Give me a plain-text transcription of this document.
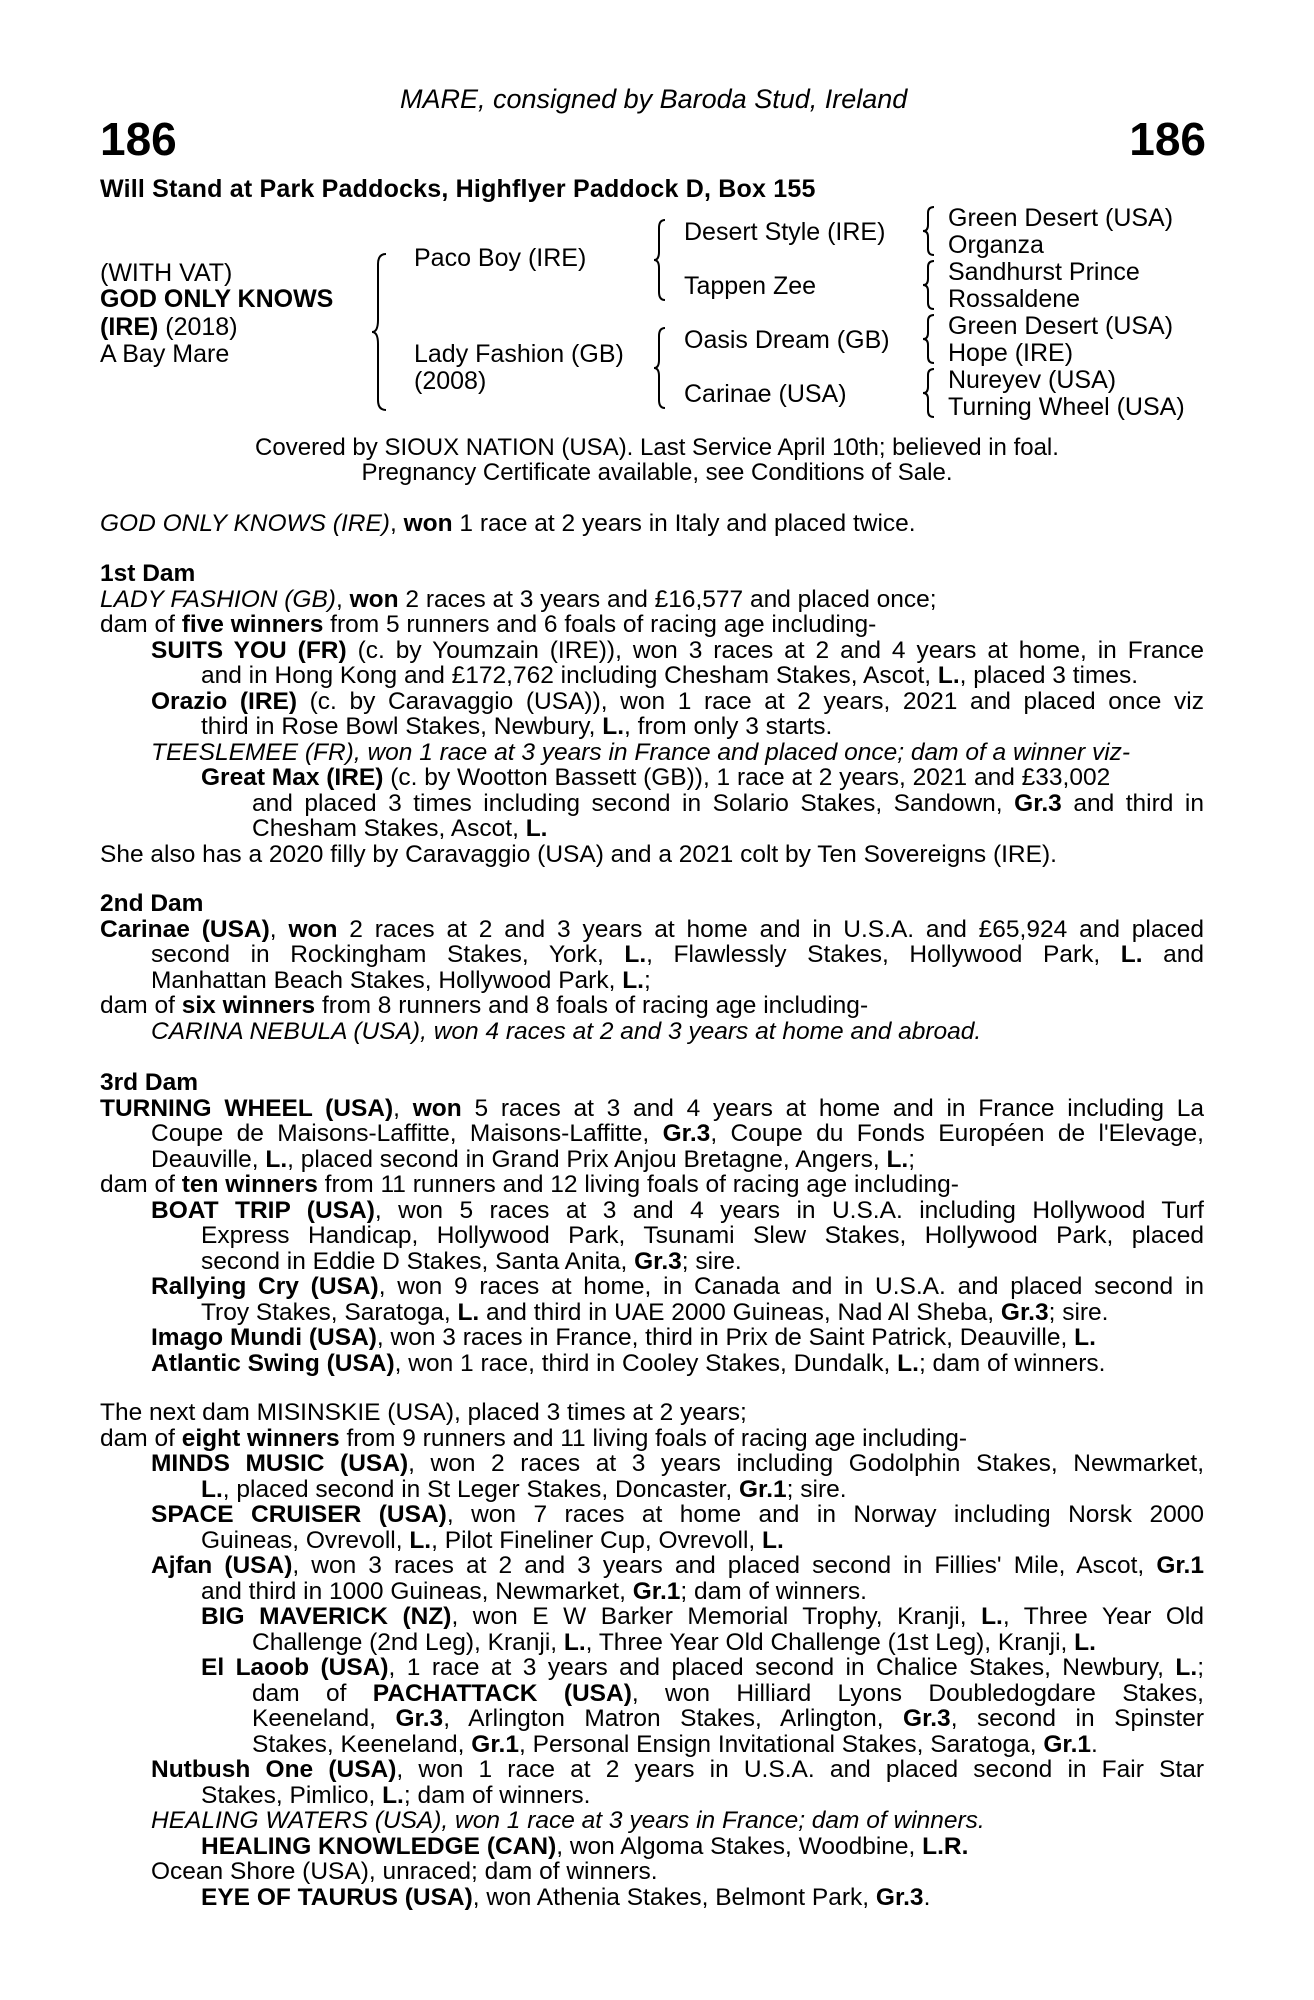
MARE, consigned by Baroda Stud, Ireland
186	186
Will Stand at Park Paddocks, Highflyer Paddock D, Box 155
(WITH VAT)
GOD ONLY KNOWS
(IRE) (2018)
A Bay Mare
Paco Boy (IRE)
Lady Fashion (GB)
(2008)
Desert Style (IRE)
Tappen Zee
Oasis Dream (GB)
Carinae (USA)
Green Desert (USA)
Organza
Sandhurst Prince
Rossaldene
Green Desert (USA)
Hope (IRE)
Nureyev (USA)
Turning Wheel (USA)
Covered by SIOUX NATION (USA). Last Service April 10th; believed in foal.
Pregnancy Certificate available, see Conditions of Sale.
GOD ONLY KNOWS (IRE), won 1 race at 2 years in Italy and placed twice.
1st Dam
LADY FASHION (GB), won 2 races at 3 years and £16,577 and placed once;
dam of five winners from 5 runners and 6 foals of racing age including-
SUITS YOU (FR) (c. by Youmzain (IRE)), won 3 races at 2 and 4 years at home, in France
and in Hong Kong and £172,762 including Chesham Stakes, Ascot, L., placed 3 times.
Orazio (IRE) (c. by Caravaggio (USA)), won 1 race at 2 years, 2021 and placed once viz
third in Rose Bowl Stakes, Newbury, L., from only 3 starts.
TEESLEMEE (FR), won 1 race at 3 years in France and placed once; dam of a winner viz-
Great Max (IRE) (c. by Wootton Bassett (GB)), 1 race at 2 years, 2021 and £33,002
and placed 3 times including second in Solario Stakes, Sandown, Gr.3 and third in
Chesham Stakes, Ascot, L.
She also has a 2020 filly by Caravaggio (USA) and a 2021 colt by Ten Sovereigns (IRE).
2nd Dam
Carinae (USA), won 2 races at 2 and 3 years at home and in U.S.A. and £65,924 and placed
second in Rockingham Stakes, York, L., Flawlessly Stakes, Hollywood Park, L. and
Manhattan Beach Stakes, Hollywood Park, L.;
dam of six winners from 8 runners and 8 foals of racing age including-
CARINA NEBULA (USA), won 4 races at 2 and 3 years at home and abroad.
3rd Dam
TURNING WHEEL (USA), won 5 races at 3 and 4 years at home and in France including La
Coupe de Maisons-Laffitte, Maisons-Laffitte, Gr.3, Coupe du Fonds Européen de l'Elevage,
Deauville, L., placed second in Grand Prix Anjou Bretagne, Angers, L.;
dam of ten winners from 11 runners and 12 living foals of racing age including-
BOAT TRIP (USA), won 5 races at 3 and 4 years in U.S.A. including Hollywood Turf
Express Handicap, Hollywood Park, Tsunami Slew Stakes, Hollywood Park, placed
second in Eddie D Stakes, Santa Anita, Gr.3; sire.
Rallying Cry (USA), won 9 races at home, in Canada and in U.S.A. and placed second in
Troy Stakes, Saratoga, L. and third in UAE 2000 Guineas, Nad Al Sheba, Gr.3; sire.
Imago Mundi (USA), won 3 races in France, third in Prix de Saint Patrick, Deauville, L.
Atlantic Swing (USA), won 1 race, third in Cooley Stakes, Dundalk, L.; dam of winners.
The next dam MISINSKIE (USA), placed 3 times at 2 years;
dam of eight winners from 9 runners and 11 living foals of racing age including-
MINDS MUSIC (USA), won 2 races at 3 years including Godolphin Stakes, Newmarket,
L., placed second in St Leger Stakes, Doncaster, Gr.1; sire.
SPACE CRUISER (USA), won 7 races at home and in Norway including Norsk 2000
Guineas, Ovrevoll, L., Pilot Fineliner Cup, Ovrevoll, L.
Ajfan (USA), won 3 races at 2 and 3 years and placed second in Fillies' Mile, Ascot, Gr.1
and third in 1000 Guineas, Newmarket, Gr.1; dam of winners.
BIG MAVERICK (NZ), won E W Barker Memorial Trophy, Kranji, L., Three Year Old
Challenge (2nd Leg), Kranji, L., Three Year Old Challenge (1st Leg), Kranji, L.
El Laoob (USA), 1 race at 3 years and placed second in Chalice Stakes, Newbury, L.;
dam of PACHATTACK (USA), won Hilliard Lyons Doubledogdare Stakes,
Keeneland, Gr.3, Arlington Matron Stakes, Arlington, Gr.3, second in Spinster
Stakes, Keeneland, Gr.1, Personal Ensign Invitational Stakes, Saratoga, Gr.1.
Nutbush One (USA), won 1 race at 2 years in U.S.A. and placed second in Fair Star
Stakes, Pimlico, L.; dam of winners.
HEALING WATERS (USA), won 1 race at 3 years in France; dam of winners.
HEALING KNOWLEDGE (CAN), won Algoma Stakes, Woodbine, L.R.
Ocean Shore (USA), unraced; dam of winners.
EYE OF TAURUS (USA), won Athenia Stakes, Belmont Park, Gr.3.
